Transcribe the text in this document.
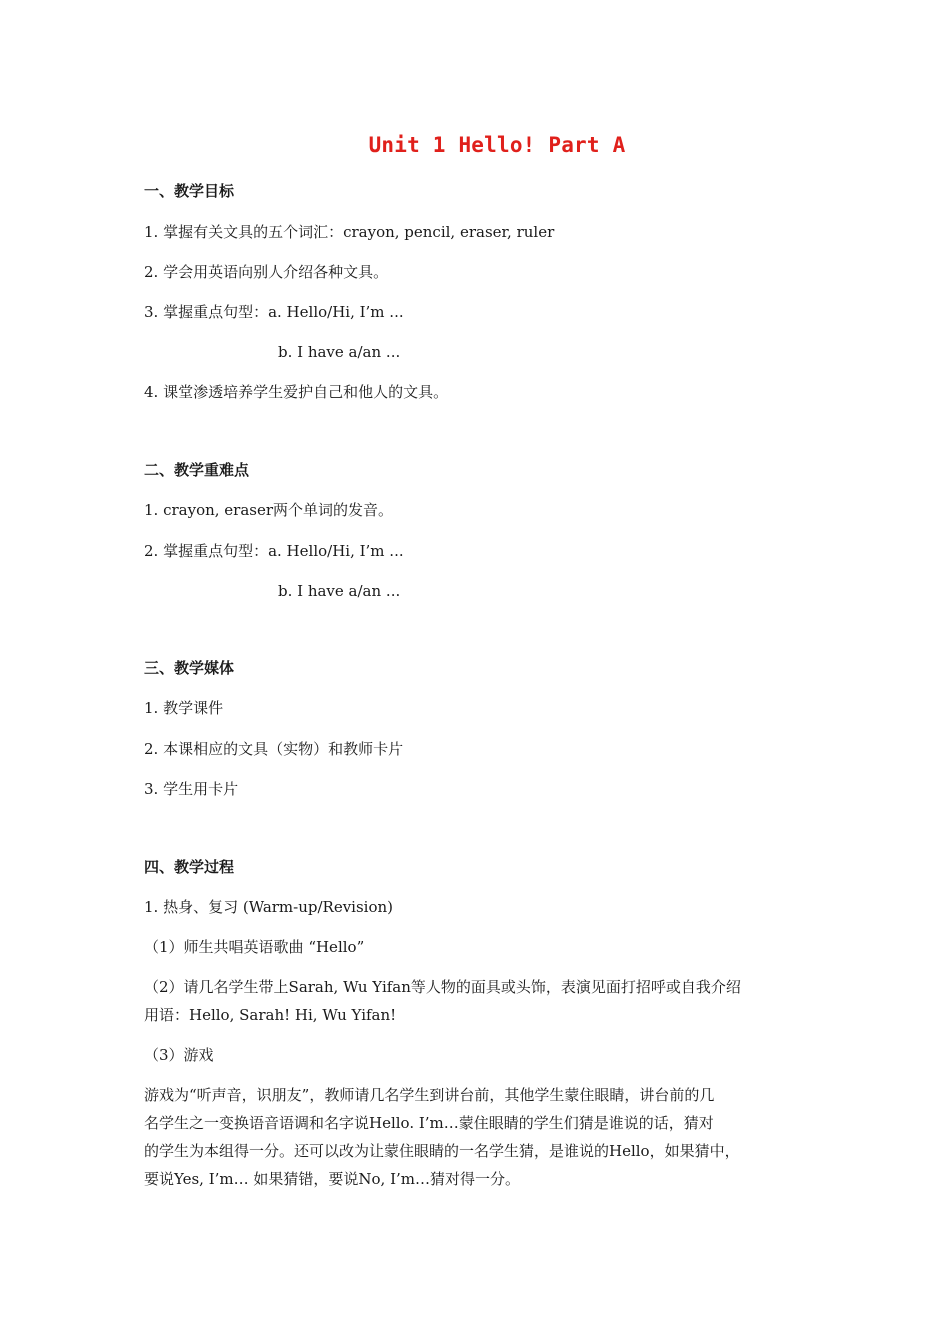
Unit 1 Hello! Part A
一、教学目标
1. 掌握有关文具的五个词汇：crayon, pencil, eraser, ruler
2. 学会用英语向别人介绍各种文具。
3. 掌握重点句型：a. Hello/Hi, I’m ...
b. I have a/an ...
4. 课堂渗透培养学生爱护自己和他人的文具。
二、教学重难点
1. crayon, eraser两个单词的发音。
2. 掌握重点句型：a. Hello/Hi, I’m ...
b. I have a/an ...
三、教学媒体
1. 教学课件
2. 本课相应的文具（实物）和教师卡片
3. 学生用卡片
四、教学过程
1. 热身、复习 (Warm-up/Revision)
（1）师生共唱英语歌曲 “Hello”
（2）请几名学生带上Sarah, Wu Yifan等人物的面具或头饰，表演见面打招呼或自我介绍
用语：Hello, Sarah! Hi, Wu Yifan!
（3）游戏
游戏为“听声音，识朋友”，教师请几名学生到讲台前，其他学生蒙住眼睛，讲台前的几
名学生之一变换语音语调和名字说Hello. I’m…蒙住眼睛的学生们猜是谁说的话，猜对
的学生为本组得一分。还可以改为让蒙住眼睛的一名学生猜，是谁说的Hello，如果猜中，
要说Yes, I’m… 如果猜错，要说No, I’m…猜对得一分。
